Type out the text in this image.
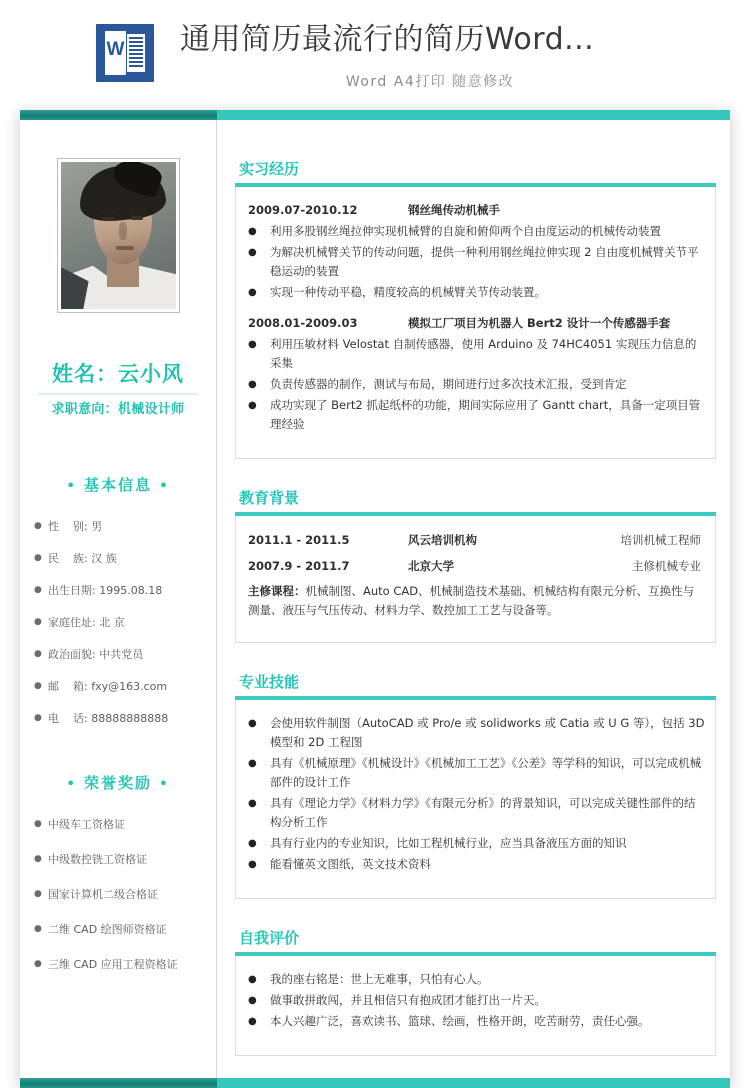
W 通用简历最流行的简历Word...
Word A4打印 随意修改
姓名：云小风
求职意向：机械设计师
• 基本信息 •
● 性    别: 男
● 民    族: 汉 族
● 出生日期: 1995.08.18
● 家庭住址: 北 京
● 政治面貌: 中共党员
● 邮    箱: fxy@163.com
● 电    话: 88888888888
• 荣誉奖励 •
● 中级车工资格证
● 中级数控铣工资格证
● 国家计算机二级合格证
● 二维 CAD 绘图师资格证
● 三维 CAD 应用工程资格证
实习经历
2009.07-2010.12	钢丝绳传动机械手
●	利用多股钢丝绳拉伸实现机械臂的自旋和俯仰两个自由度运动的机械传动装置
●	为解决机械臂关节的传动问题，提供一种利用钢丝绳拉伸实现 2 自由度机械臂关节平稳运动的装置
●	实现一种传动平稳，精度较高的机械臂关节传动装置。
2008.01-2009.03	模拟工厂项目为机器人 Bert2 设计一个传感器手套
●	利用压敏材料 Velostat 自制传感器，使用 Arduino 及 74HC4051 实现压力信息的采集
●	负责传感器的制作，测试与布局，期间进行过多次技术汇报，受到肯定
●	成功实现了 Bert2 抓起纸杯的功能，期间实际应用了 Gantt chart，具备一定项目管理经验
教育背景
2011.1 - 2011.5	风云培训机构	培训机械工程师
2007.9 - 2011.7	北京大学	主修机械专业
主修课程：机械制图、Auto CAD、机械制造技术基础、机械结构有限元分析、互换性与测量、液压与气压传动、材料力学、数控加工工艺与设备等。
专业技能
●	会使用软件制图（AutoCAD 或 Pro/e 或 solidworks 或 Catia 或 U G 等），包括 3D 模型和 2D 工程图
●	具有《机械原理》《机械设计》《机械加工工艺》《公差》等学科的知识，可以完成机械部件的设计工作
●	具有《理论力学》《材料力学》《有限元分析》的背景知识，可以完成关键性部件的结构分析工作
●	具有行业内的专业知识，比如工程机械行业，应当具备液压方面的知识
●	能看懂英文图纸，英文技术资料
自我评价
●	我的座右铭是：世上无难事，只怕有心人。
●	做事敢拼敢闯，并且相信只有抱成团才能打出一片天。
●	本人兴趣广泛，喜欢读书、篮球、绘画，性格开朗，吃苦耐劳，责任心强。
